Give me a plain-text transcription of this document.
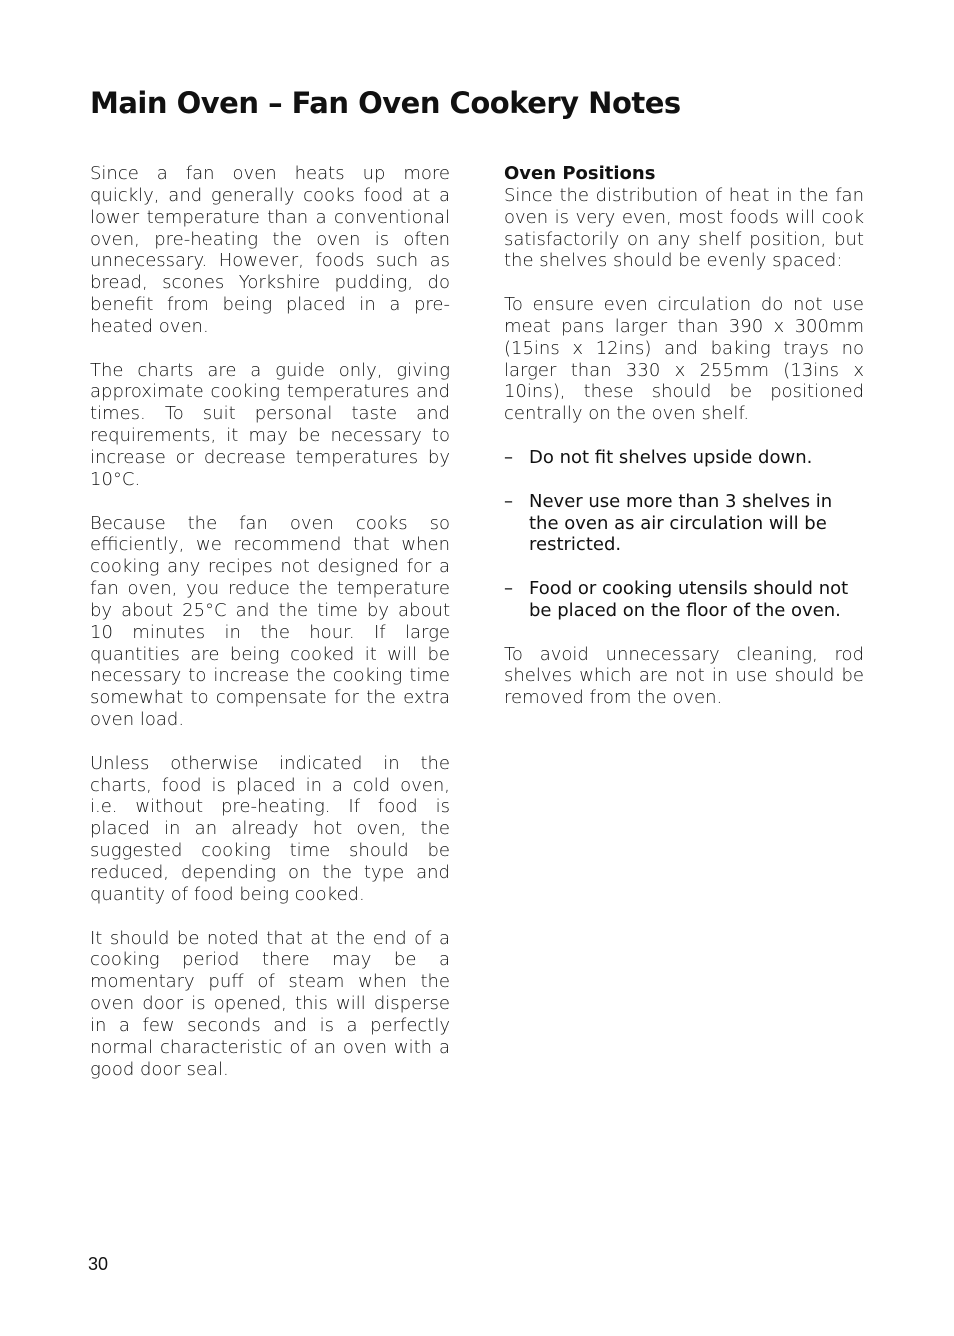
Main Oven – Fan Oven Cookery Notes

Since a fan oven heats up more quickly, and generally cooks food at a lower temperature than a conventional oven, pre-heating the oven is often unnecessary. However, foods such as bread, scones Yorkshire pudding, do benefit from being placed in a pre-heated oven.

The charts are a guide only, giving approximate cooking temperatures and times. To suit personal taste and requirements, it may be necessary to increase or decrease temperatures by 10°C.

Because the fan oven cooks so efficiently, we recommend that when cooking any recipes not designed for a fan oven, you reduce the temperature by about 25°C and the time by about 10 minutes in the hour. If large quantities are being cooked it will be necessary to increase the cooking time somewhat to compensate for the extra oven load.

Unless otherwise indicated in the charts, food is placed in a cold oven, i.e. without pre-heating. If food is placed in an already hot oven, the suggested cooking time should be reduced, depending on the type and quantity of food being cooked.

It should be noted that at the end of a cooking period there may be a momentary puff of steam when the oven door is opened, this will disperse in a few seconds and is a perfectly normal characteristic of an oven with a good door seal.

Oven Positions

Since the distribution of heat in the fan oven is very even, most foods will cook satisfactorily on any shelf position, but the shelves should be evenly spaced:

To ensure even circulation do not use meat pans larger than 390 x 300mm (15ins x 12ins) and baking trays no larger than 330 x 255mm (13ins x 10ins), these should be positioned centrally on the oven shelf.

– Do not fit shelves upside down.
– Never use more than 3 shelves in the oven as air circulation will be restricted.
– Food or cooking utensils should not be placed on the floor of the oven.

To avoid unnecessary cleaning, rod shelves which are not in use should be removed from the oven.

30
